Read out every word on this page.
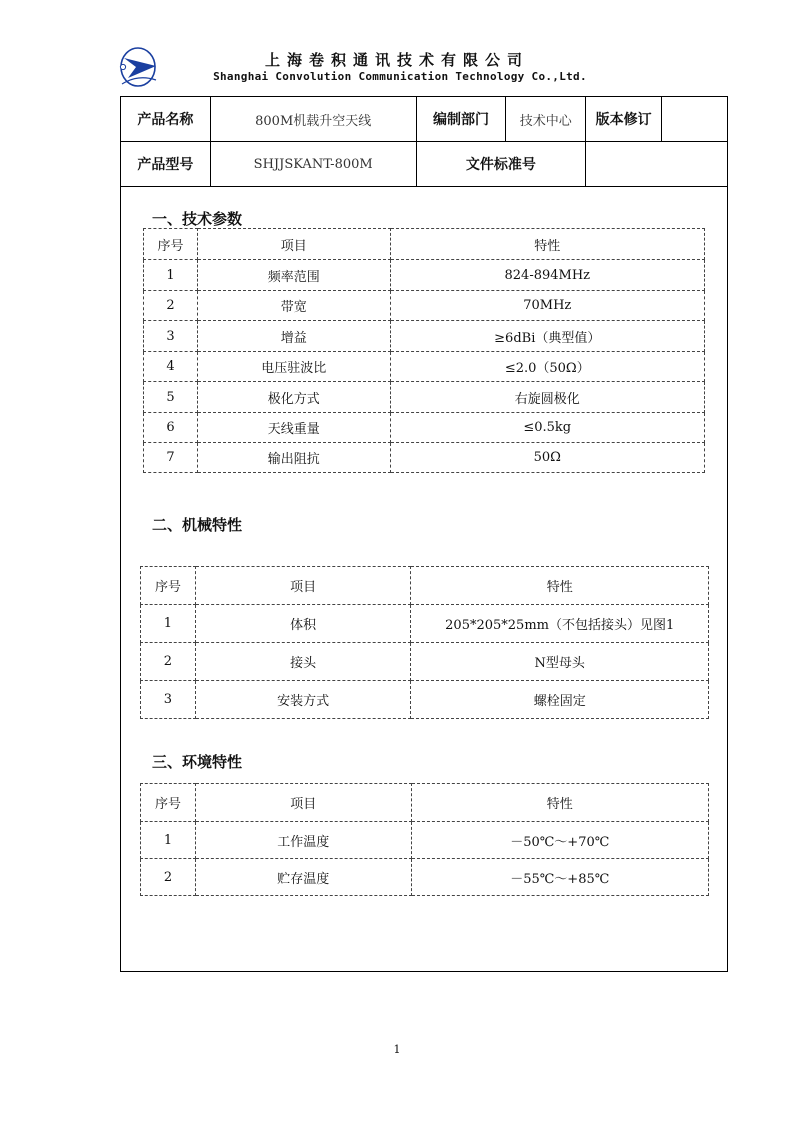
上海卷积通讯技术有限公司
Shanghai Convolution Communication Technology Co.,Ltd.
产品名称	800M机载升空天线	编制部门	技术中心	版本修订	
产品型号	SHJJSKANT-800M	文件标准号			
一、技术参数
序号	项目	特性
1	频率范围	824-894MHz
2	带宽	70MHz
3	增益	≥6dBi（典型值）
4	电压驻波比	≤2.0（50Ω）
5	极化方式	右旋圆极化
6	天线重量	≤0.5kg
7	输出阻抗	50Ω
二、机械特性
序号	项目	特性
1	体积	205*205*25mm（不包括接头）见图1
2	接头	N型母头
3	安装方式	螺栓固定
三、环境特性
序号	项目	特性
1	工作温度	－50℃～+70℃
2	贮存温度	－55℃～+85℃
1
